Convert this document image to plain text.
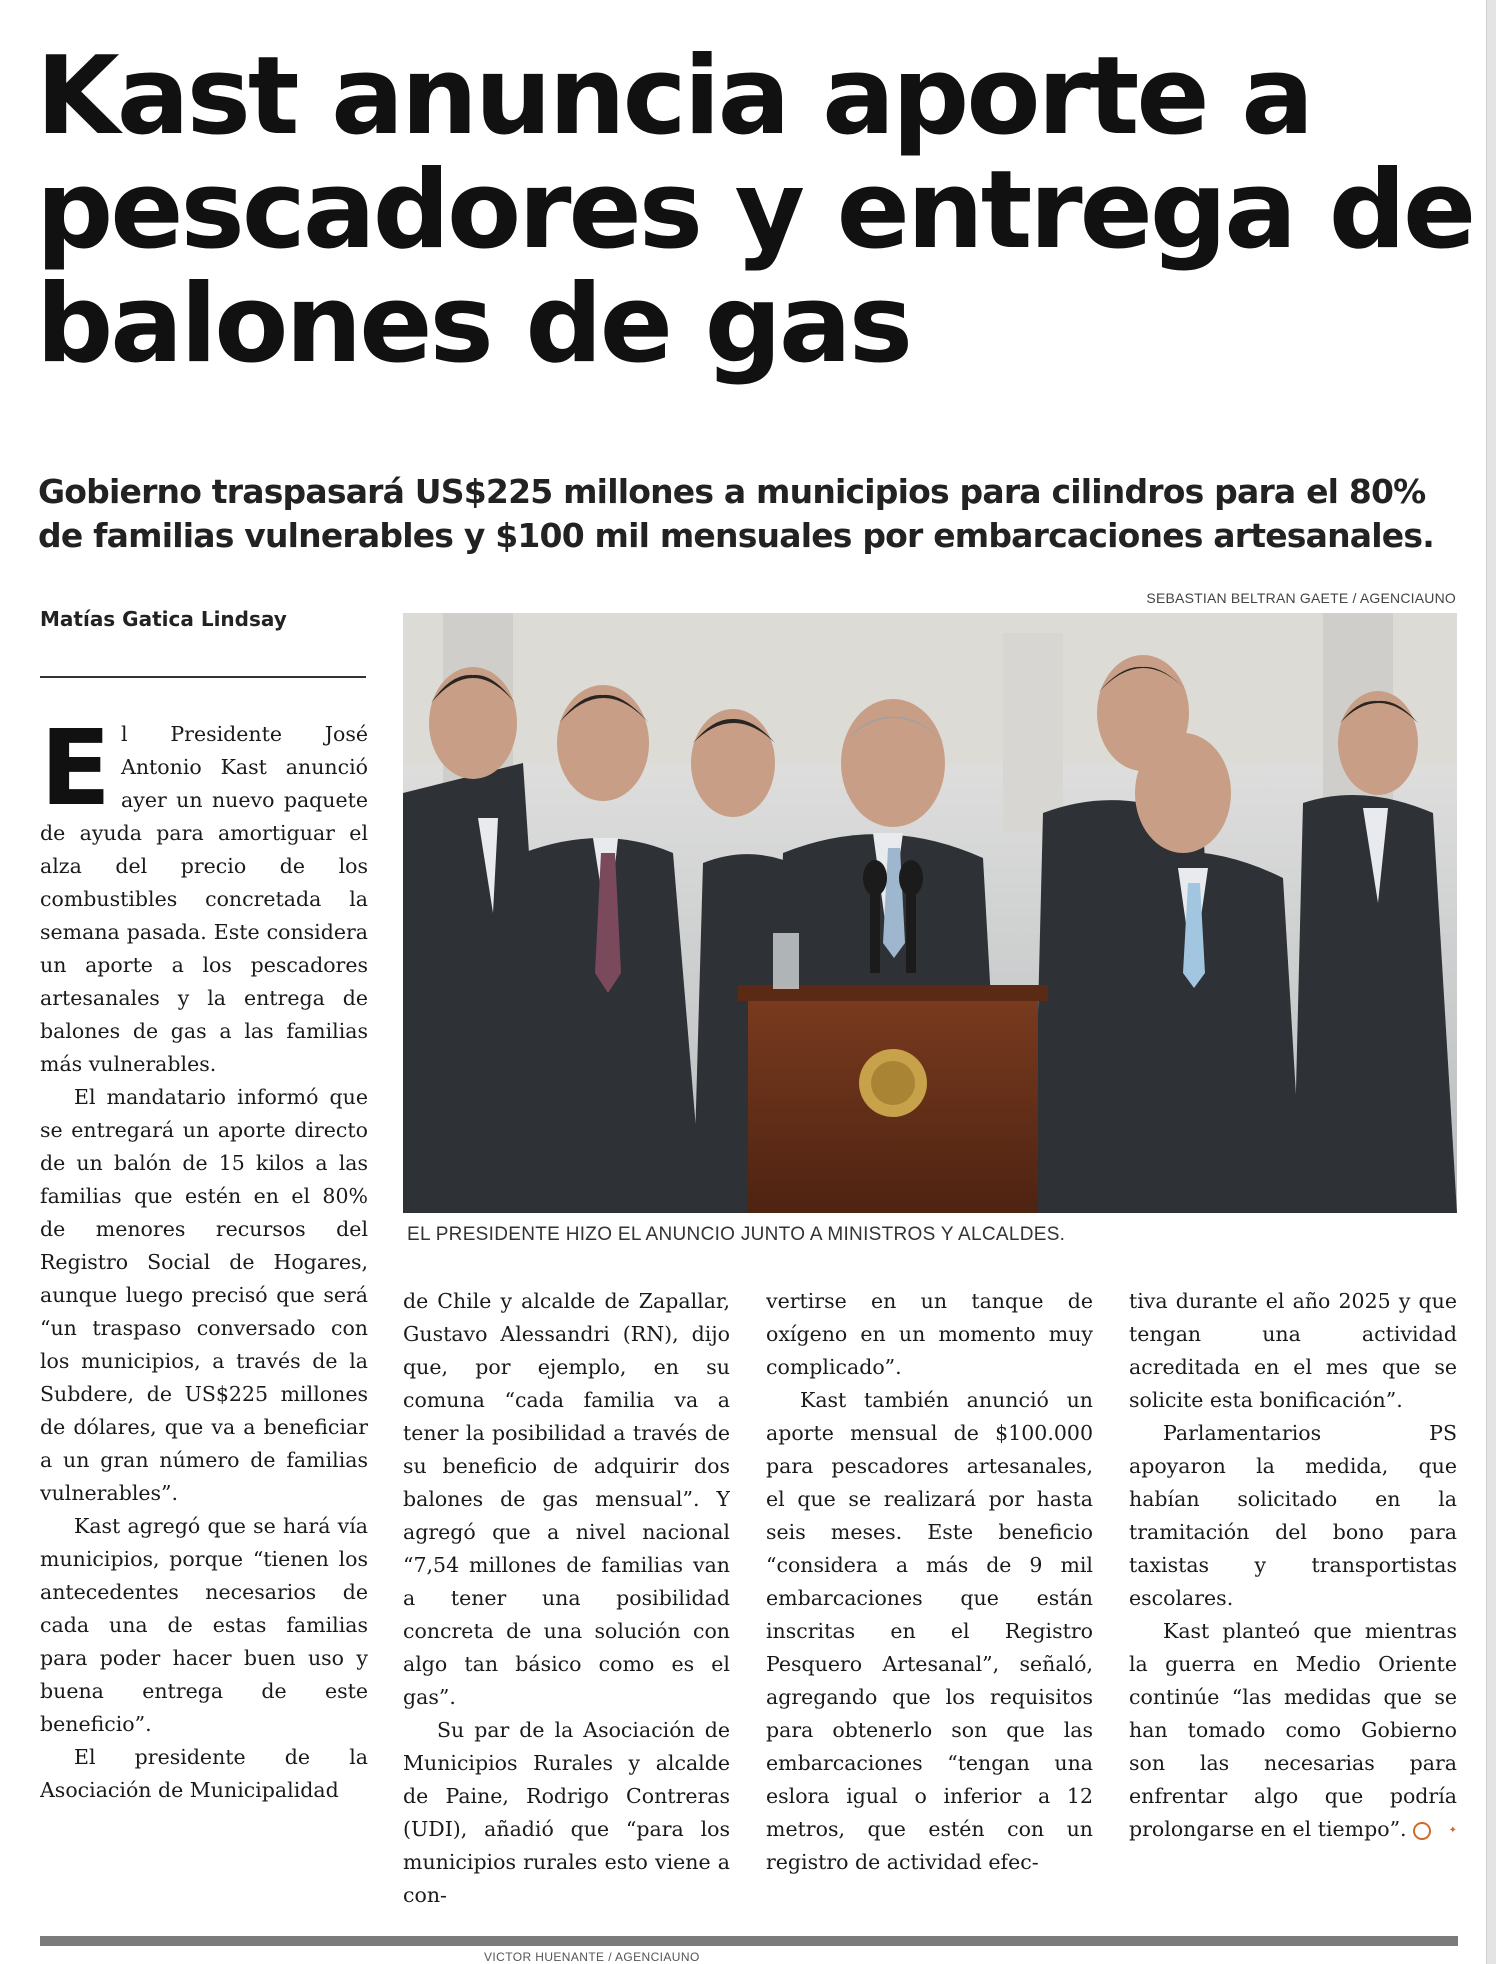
Kast anuncia aporte a pescadores y entrega de balones de gas
Gobierno traspasará US$225 millones a municipios para cilindros para el 80% de familias vulnerables y $100 mil mensuales por embarcaciones artesanales.
SEBASTIAN BELTRAN GAETE / AGENCIAUNO
Matías Gatica Lindsay
EL PRESIDENTE HIZO EL ANUNCIO JUNTO A MINISTROS Y ALCALDES.

El Presidente José Antonio Kast anunció ayer un nuevo paquete de ayuda para amortiguar el alza del precio de los combustibles concretada la semana pasada. Este considera un aporte a los pescadores artesanales y la entrega de balones de gas a las familias más vulnerables.

El mandatario informó que se entregará un aporte directo de un balón de 15 kilos a las familias que estén en el 80% de menores recursos del Registro Social de Hogares, aunque luego precisó que será “un traspaso conversado con los municipios, a través de la Subdere, de US$225 millones de dólares, que va a beneficiar a un gran número de familias vulnerables”.

Kast agregó que se hará vía municipios, porque “tienen los antecedentes necesarios de cada una de estas familias para poder hacer buen uso y buena entrega de este beneficio”.

El presidente de la Asociación de Municipalidad

de Chile y alcalde de Zapallar, Gustavo Alessandri (RN), dijo que, por ejemplo, en su comuna “cada familia va a tener la posibilidad a través de su beneficio de adquirir dos balones de gas mensual”. Y agregó que a nivel nacional “7,54 millones de familias van a tener una posibilidad concreta de una solución con algo tan básico como es el gas”.

Su par de la Asociación de Municipios Rurales y alcalde de Paine, Rodrigo Contreras (UDI), añadió que “para los municipios rurales esto viene a con-

vertirse en un tanque de oxígeno en un momento muy complicado”.

Kast también anunció un aporte mensual de $100.000 para pescadores artesanales, el que se realizará por hasta seis meses. Este beneficio “considera a más de 9 mil embarcaciones que están inscritas en el Registro Pesquero Artesanal”, señaló, agregando que los requisitos para obtenerlo son que las embarcaciones “tengan una eslora igual o inferior a 12 metros, que estén con un registro de actividad efec-

tiva durante el año 2025 y que tengan una actividad acreditada en el mes que se solicite esta bonificación”.

Parlamentarios PS apoyaron la medida, que habían solicitado en la tramitación del bono para taxistas y transportistas escolares.

Kast planteó que mientras la guerra en Medio Oriente continúe “las medidas que se han tomado como Gobierno son las necesarias para enfrentar algo que podría prolongarse en el tiempo”.	✦

VICTOR HUENANTE / AGENCIAUNO
